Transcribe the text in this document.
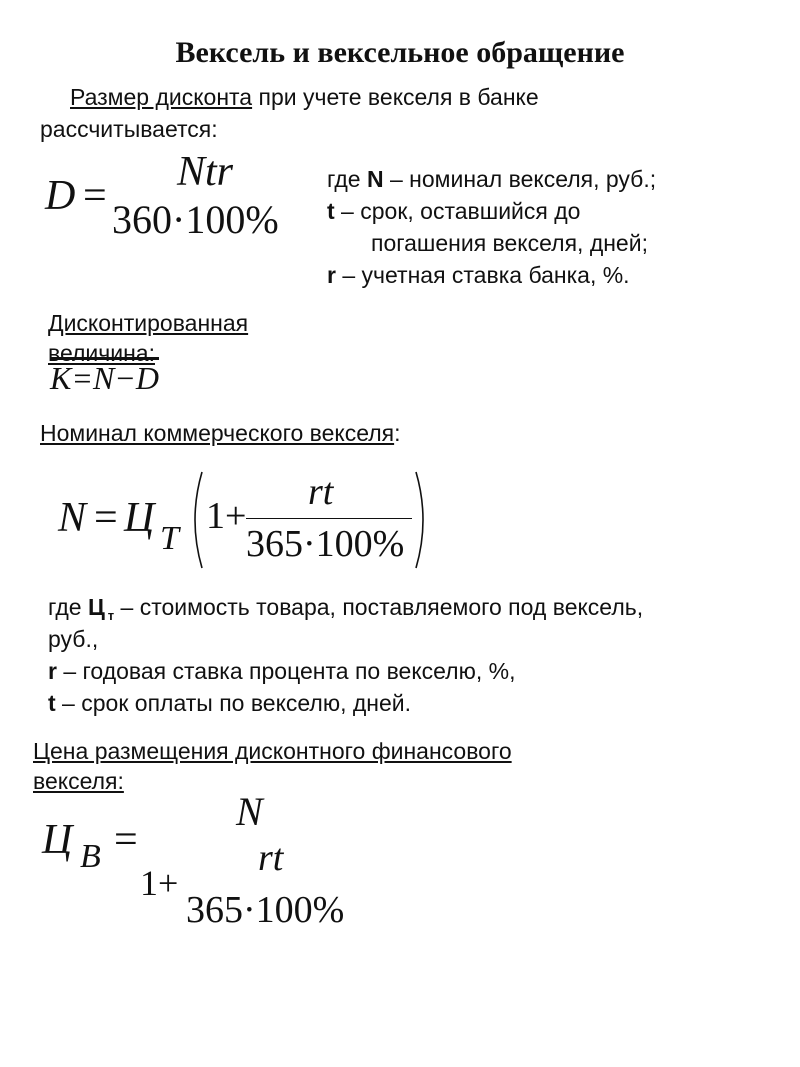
Вексель и вексельное обращение
Размер дисконта при учете векселя в банке
рассчитывается:
D =
Ntr
360·100%
где N – номинал векселя, руб.;
t – срок, оставшийся до
погашения векселя, дней;
r – учетная ставка банка, %.
Дисконтированная
величина:
K=N−D
Номинал коммерческого векселя:
N = Ц T
1+
rt
365·100%
где Ц $_т$ – стоимость товара, поставляемого под вексель,
руб.,
r – годовая ставка процента по векселю, %,
t – срок оплаты по векселю, дней.
Цена размещения дисконтного финансового
векселя:
Ц B =
N
1+
rt
365·100%
